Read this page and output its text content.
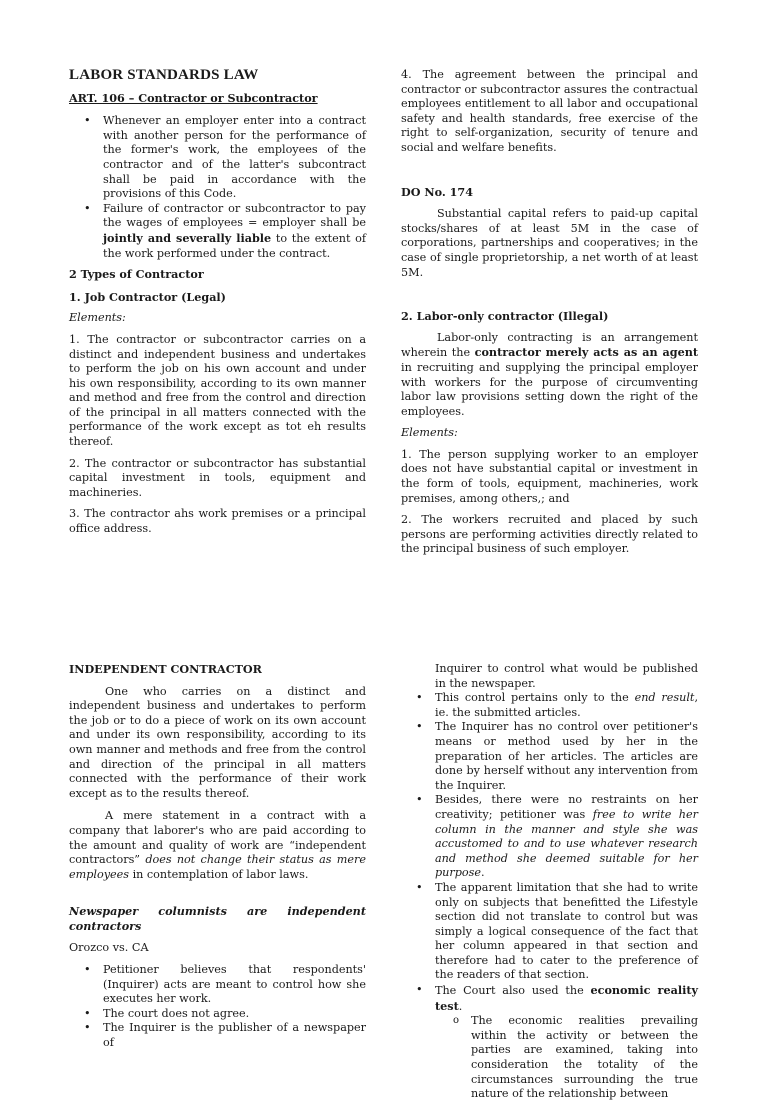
LABOR STANDARDS LAW

ART. 106 – Contractor or Subcontractor

• Whenever an employer enter into a contract with another person for the performance of the former's work, the employees of the contractor and of the latter's subcontract shall be paid in accordance with the provisions of this Code.
• Failure of contractor or subcontractor to pay the wages of employees = employer shall be jointly and severally liable to the extent of the work performed under the contract.

2 Types of Contractor

1. Job Contractor (Legal)

Elements:

1. The contractor or subcontractor carries on a distinct and independent business and undertakes to perform the job on his own account and under his own responsibility, according to its own manner and method and free from the control and direction of the principal in all matters connected with the performance of the work except as tot eh results thereof.

2. The contractor or subcontractor has substantial capital investment in tools, equipment and machineries.

3. The contractor ahs work premises or a principal office address.

4. The agreement between the principal and contractor or subcontractor assures the contractual employees entitlement to all labor and occupational safety and health standards, free exercise of the right to self-organization, security of tenure and social and welfare benefits.

DO No. 174

Substantial capital refers to paid-up capital stocks/shares of at least 5M in the case of corporations, partnerships and cooperatives; in the case of single proprietorship, a net worth of at least 5M.

2. Labor-only contractor (Illegal)

Labor-only contracting is an arrangement wherein the contractor merely acts as an agent in recruiting and supplying the principal employer with workers for the purpose of circumventing labor law provisions setting down the right of the employees.

Elements:

1. The person supplying worker to an employer does not have substantial capital or investment in the form of tools, equipment, machineries, work premises, among others,; and

2. The workers recruited and placed by such persons are performing activities directly related to the principal business of such employer.

INDEPENDENT CONTRACTOR

One who carries on a distinct and independent business and undertakes to perform the job or to do a piece of work on its own account and under its own responsibility, according to its own manner and methods and free from the control and direction of the principal in all matters connected with the performance of their work except as to the results thereof.

A mere statement in a contract with a company that laborer's who are paid according to the amount and quality of work are “independent contractors” does not change their status as mere employees in contemplation of labor laws.

Newspaper columnists are independent contractors

Orozco vs. CA

• Petitioner believes that respondents' (Inquirer) acts are meant to control how she executes her work.
• The court does not agree.
• The Inquirer is the publisher of a newspaper of

Inquirer to control what would be published in the newspaper.

• This control pertains only to the end result, ie. the submitted articles.
• The Inquirer has no control over petitioner's means or method used by her in the preparation of her articles. The articles are done by herself without any intervention from the Inquirer.
• Besides, there were no restraints on her creativity; petitioner was free to write her column in the manner and style she was accustomed to and to use whatever research and method she deemed suitable for her purpose.
• The apparent limitation that she had to write only on subjects that benefitted the Lifestyle section did not translate to control but was simply a logical consequence of the fact that her column appeared in that section and therefore had to cater to the preference of the readers of that section.
• The Court also used the economic reality test.
o The economic realities prevailing within the activity or between the parties are examined, taking into consideration the totality of the circumstances surrounding the true nature of the relationship between
